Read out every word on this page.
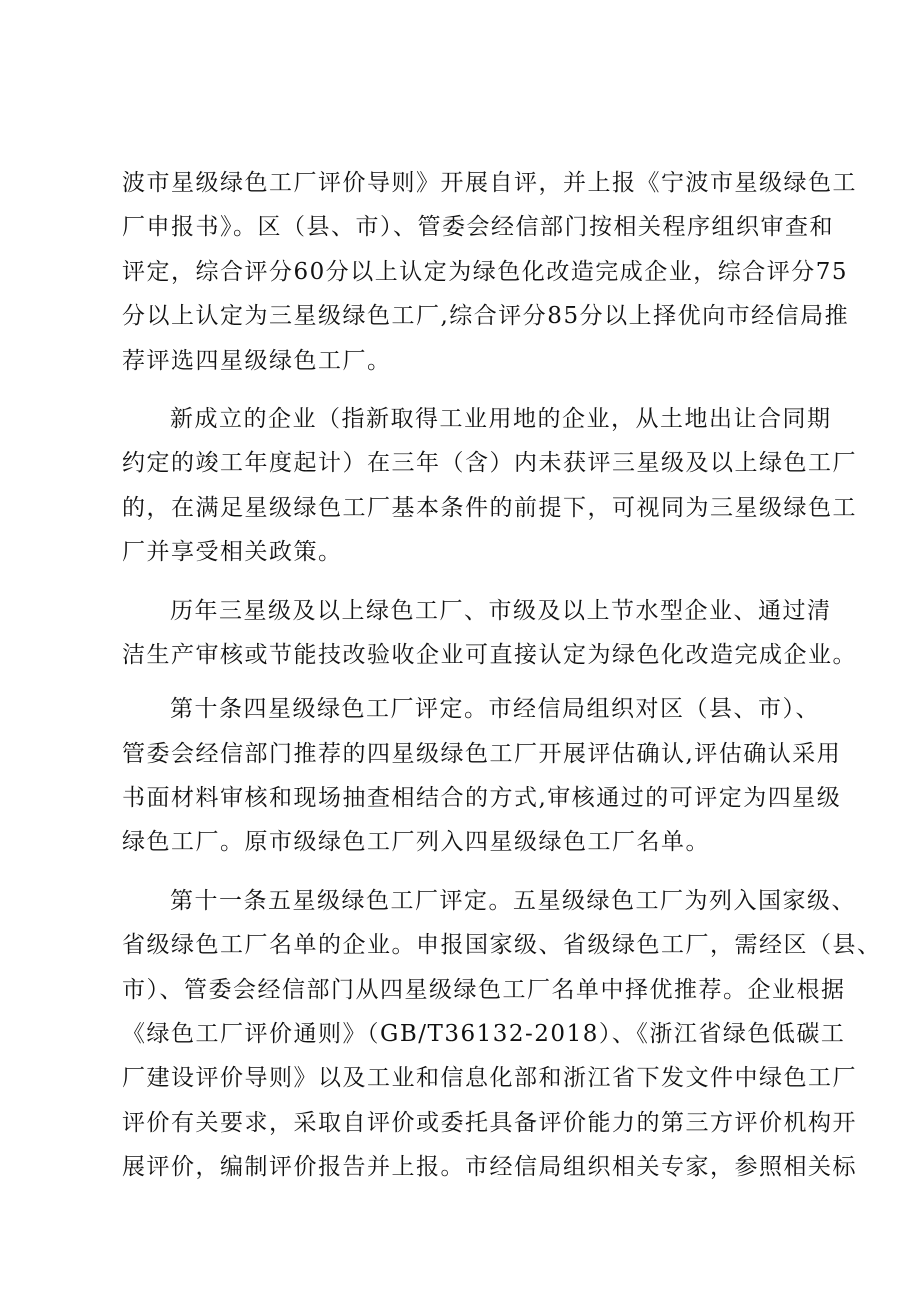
波市星级绿色工厂评价导则》开展自评，并上报《宁波市星级绿色工
厂申报书》。区（县、市）、管委会经信部门按相关程序组织审查和
评定，综合评分60分以上认定为绿色化改造完成企业，综合评分75
分以上认定为三星级绿色工厂,综合评分85分以上择优向市经信局推
荐评选四星级绿色工厂。
新成立的企业（指新取得工业用地的企业，从土地出让合同期
约定的竣工年度起计）在三年（含）内未获评三星级及以上绿色工厂
的，在满足星级绿色工厂基本条件的前提下，可视同为三星级绿色工
厂并享受相关政策。
历年三星级及以上绿色工厂、市级及以上节水型企业、通过清
洁生产审核或节能技改验收企业可直接认定为绿色化改造完成企业。
第十条四星级绿色工厂评定。市经信局组织对区（县、市）、
管委会经信部门推荐的四星级绿色工厂开展评估确认,评估确认采用
书面材料审核和现场抽查相结合的方式,审核通过的可评定为四星级
绿色工厂。原市级绿色工厂列入四星级绿色工厂名单。
第十一条五星级绿色工厂评定。五星级绿色工厂为列入国家级、
省级绿色工厂名单的企业。申报国家级、省级绿色工厂，需经区（县、
市）、管委会经信部门从四星级绿色工厂名单中择优推荐。企业根据
《绿色工厂评价通则》（GB/T36132-2018）、《浙江省绿色低碳工
厂建设评价导则》以及工业和信息化部和浙江省下发文件中绿色工厂
评价有关要求，采取自评价或委托具备评价能力的第三方评价机构开
展评价，编制评价报告并上报。市经信局组织相关专家，参照相关标
